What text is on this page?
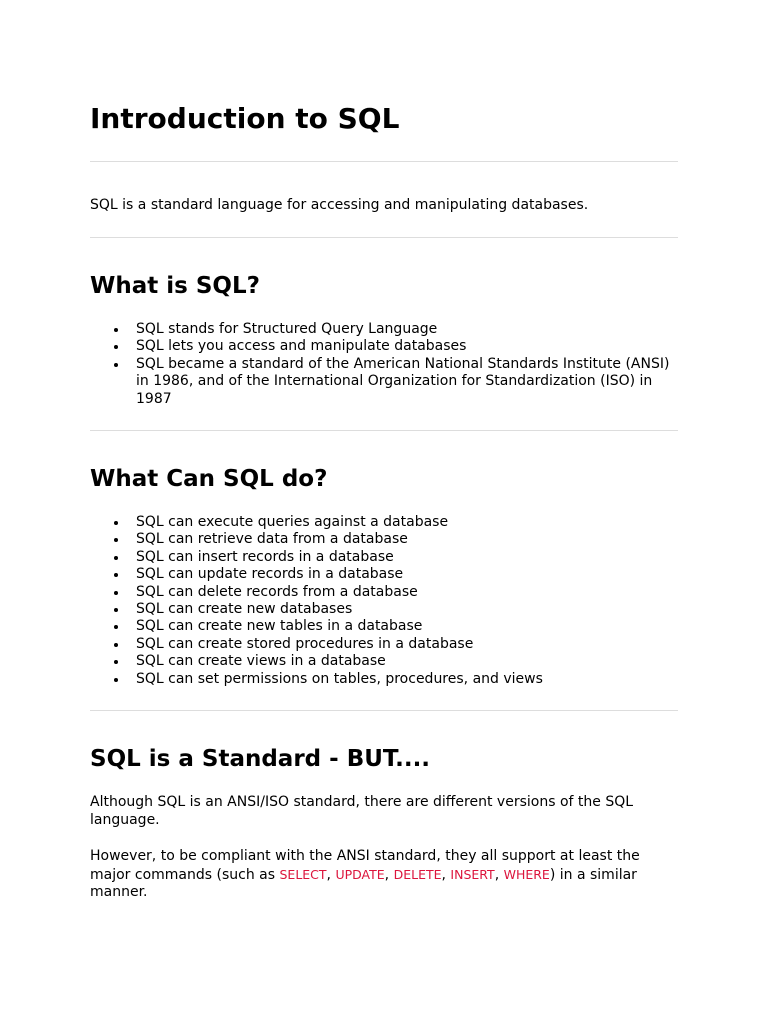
Introduction to SQL

SQL is a standard language for accessing and manipulating databases.

What is SQL?
SQL stands for Structured Query Language
SQL lets you access and manipulate databases
SQL became a standard of the American National Standards Institute (ANSI) in 1986, and of the International Organization for Standardization (ISO) in 1987
What Can SQL do?
SQL can execute queries against a database
SQL can retrieve data from a database
SQL can insert records in a database
SQL can update records in a database
SQL can delete records from a database
SQL can create new databases
SQL can create new tables in a database
SQL can create stored procedures in a database
SQL can create views in a database
SQL can set permissions on tables, procedures, and views
SQL is a Standard - BUT....

Although SQL is an ANSI/ISO standard, there are different versions of the SQL language.

However, to be compliant with the ANSI standard, they all support at least the major commands (such as SELECT, UPDATE, DELETE, INSERT, WHERE) in a similar manner.
